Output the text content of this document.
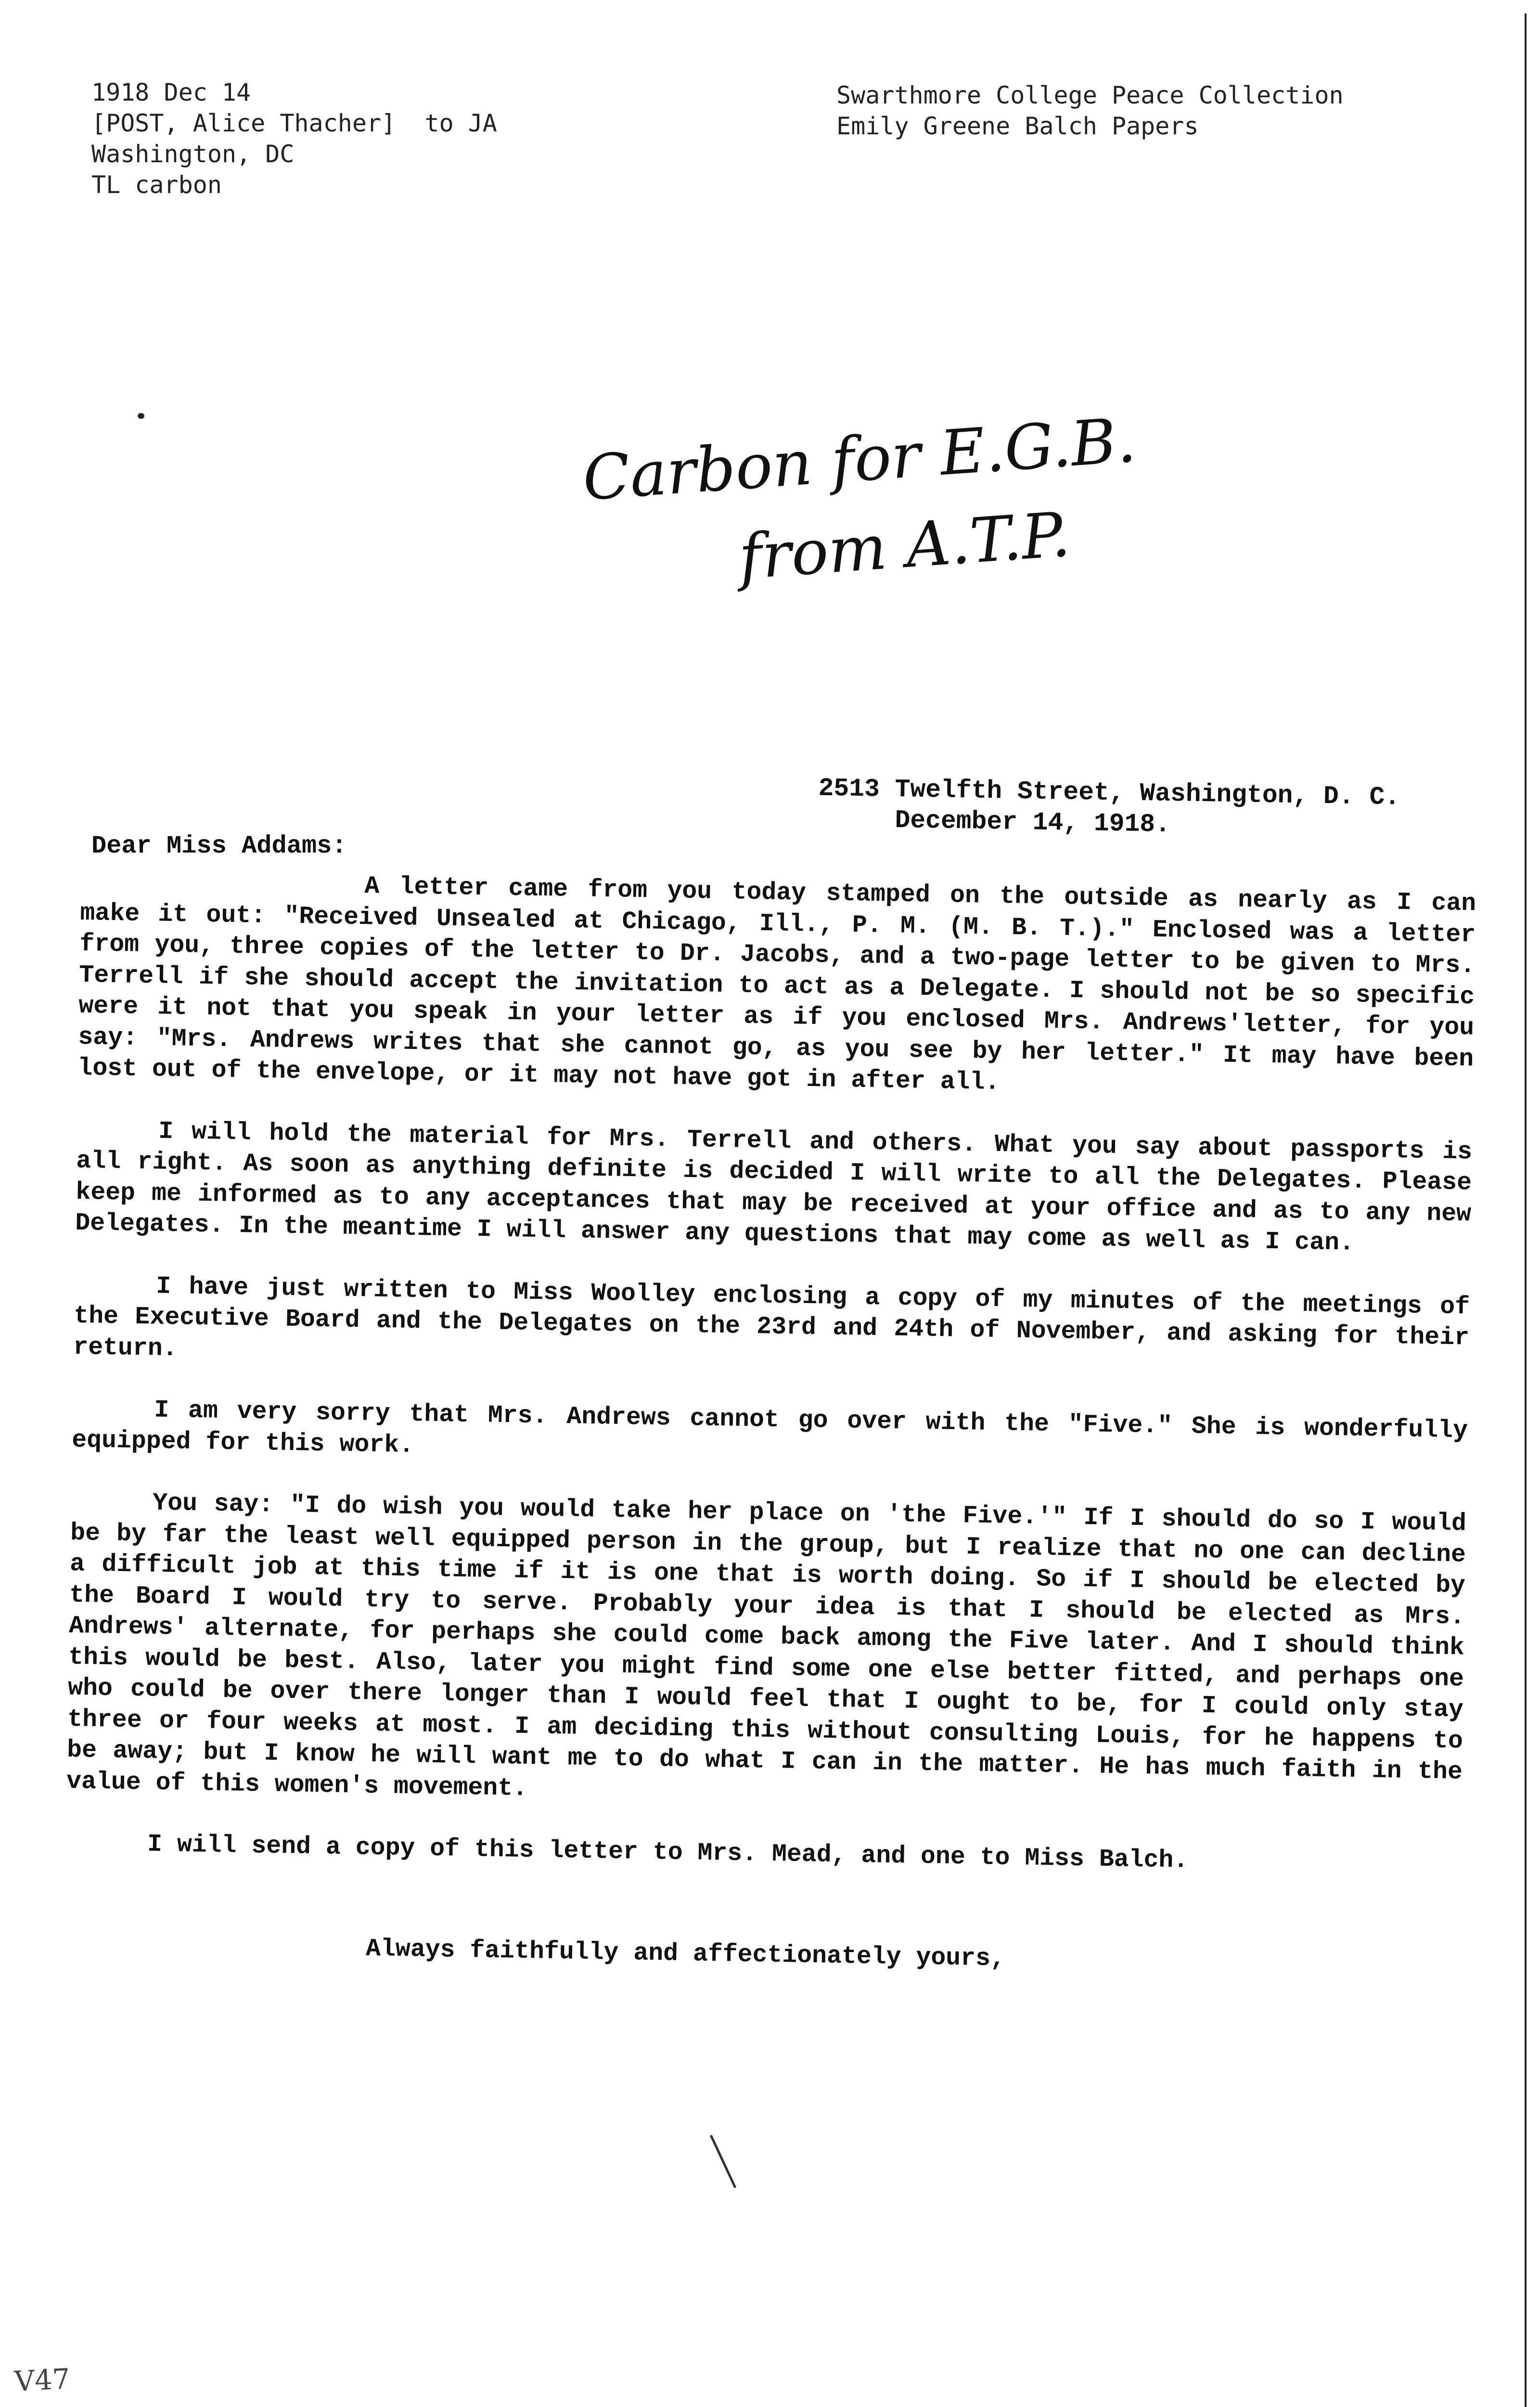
1918 Dec 14
[POST, Alice Thacher]  to JA
Washington, DC
TL carbon
Swarthmore College Peace Collection
Emily Greene Balch Papers
Carbon for E.G.B.
from A.T.P.
2513 Twelfth Street, Washington, D. C.
December 14, 1918.
Dear Miss Addams:

A letter came from you today stamped on the outside as nearly as I can make it out: "Received Unsealed at Chicago, Ill., P. M. (M. B. T.)." Enclosed was a letter from you, three copies of the letter to Dr. Jacobs, and a two-page letter to be given to Mrs. Terrell if she should accept the invitation to act as a Delegate. I should not be so specific were it not that you speak in your letter as if you enclosed Mrs. Andrews'letter, for you say: "Mrs. Andrews writes that she cannot go, as you see by her letter." It may have been lost out of the envelope, or it may not have got in after all.

I will hold the material for Mrs. Terrell and others. What you say about passports is all right. As soon as anything definite is decided I will write to all the Delegates. Please keep me informed as to any acceptances that may be received at your office and as to any new Delegates. In the meantime I will answer any questions that may come as well as I can.

I have just written to Miss Woolley enclosing a copy of my minutes of the meetings of the Executive Board and the Delegates on the 23rd and 24th of November, and asking for their return.

I am very sorry that Mrs. Andrews cannot go over with the "Five." She is wonderfully equipped for this work.

You say: "I do wish you would take her place on 'the Five.'" If I should do so I would be by far the least well equipped person in the group, but I realize that no one can decline a difficult job at this time if it is one that is worth doing. So if I should be elected by the Board I would try to serve. Probably your idea is that I should be elected as Mrs. Andrews' alternate, for perhaps she could come back among the Five later. And I should think this would be best. Also, later you might find some one else better fitted, and perhaps one who could be over there longer than I would feel that I ought to be, for I could only stay three or four weeks at most. I am deciding this without consulting Louis, for he happens to be away; but I know he will want me to do what I can in the matter. He has much faith in the value of this women's movement.

I will send a copy of this letter to Mrs. Mead, and one to Miss Balch.

Always faithfully and affectionately yours,
V47
